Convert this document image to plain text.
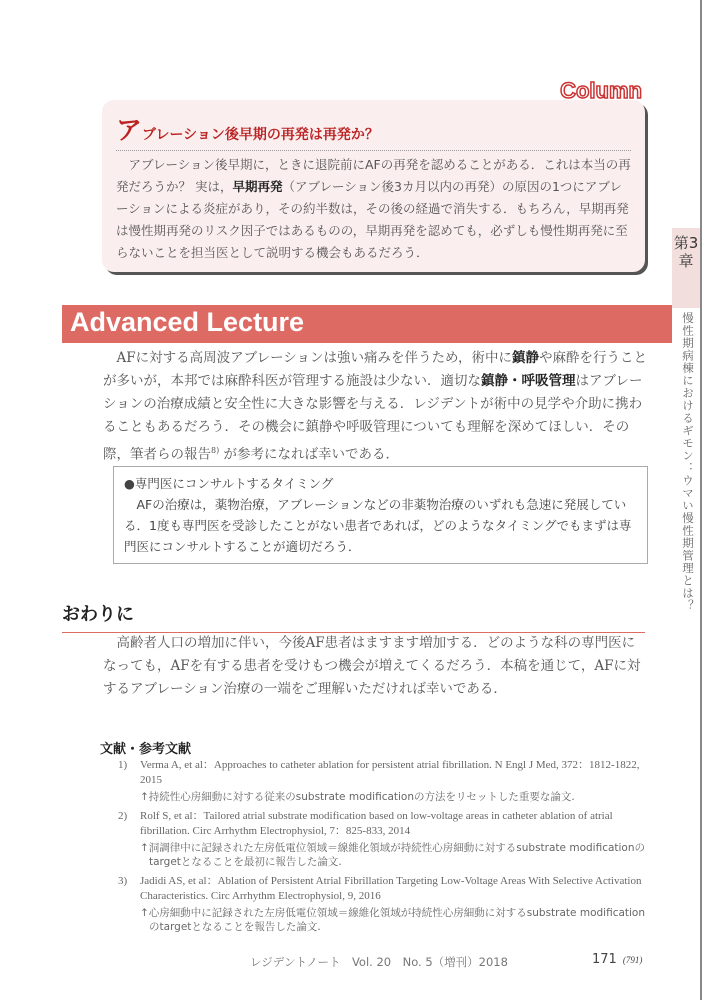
Column
アブレーション後早期の再発は再発か？

アブレーション後早期に，ときに退院前にAFの再発を認めることがある．これは本当の再発だろうか？ 実は，早期再発（アブレーション後3カ月以内の再発）の原因の1つにアブレーションによる炎症があり，その約半数は，その後の経過で消失する．もちろん，早期再発は慢性期再発のリスク因子ではあるものの，早期再発を認めても，必ずしも慢性期再発に至らないことを担当医として説明する機会もあるだろう．

第3章
慢性期病棟におけるギモン：ウマい慢性期管理とは？
Advanced Lecture

AFに対する高周波アブレーションは強い痛みを伴うため，術中に鎮静や麻酔を行うことが多いが，本邦では麻酔科医が管理する施設は少ない．適切な鎮静・呼吸管理はアブレーションの治療成績と安全性に大きな影響を与える．レジデントが術中の見学や介助に携わることもあるだろう．その機会に鎮静や呼吸管理についても理解を深めてほしい．その際，筆者らの報告$^{8)}$ が参考になれば幸いである．

●専門医にコンサルトするタイミング

AFの治療は，薬物治療，アブレーションなどの非薬物治療のいずれも急速に発展している．1度も専門医を受診したことがない患者であれば，どのようなタイミングでもまずは専門医にコンサルトすることが適切だろう．

おわりに

高齢者人口の増加に伴い，今後AF患者はますます増加する．どのような科の専門医になっても，AFを有する患者を受けもつ機会が増えてくるだろう．本稿を通じて，AFに対するアブレーション治療の一端をご理解いただければ幸いである．

文献・参考文献
1)	Verma A, et al：Approaches to catheter ablation for persistent atrial fibrillation. N Engl J Med, 372：1812-1822, 2015
↑持続性心房細動に対する従来のsubstrate modificationの方法をリセットした重要な論文.
2)	Rolf S, et al：Tailored atrial substrate modification based on low-voltage areas in catheter ablation of atrial fibrillation. Circ Arrhythm Electrophysiol, 7：825-833, 2014
↑洞調律中に記録された左房低電位領域＝線維化領域が持続性心房細動に対するsubstrate modificationのtargetとなることを最初に報告した論文.
3)	Jadidi AS, et al：Ablation of Persistent Atrial Fibrillation Targeting Low-Voltage Areas With Selective Activation Characteristics. Circ Arrhythm Electrophysiol, 9, 2016
↑心房細動中に記録された左房低電位領域＝線維化領域が持続性心房細動に対するsubstrate modificationのtargetとなることを報告した論文.
レジデントノート　Vol. 20　No. 5（増刊）2018	171 (791)
